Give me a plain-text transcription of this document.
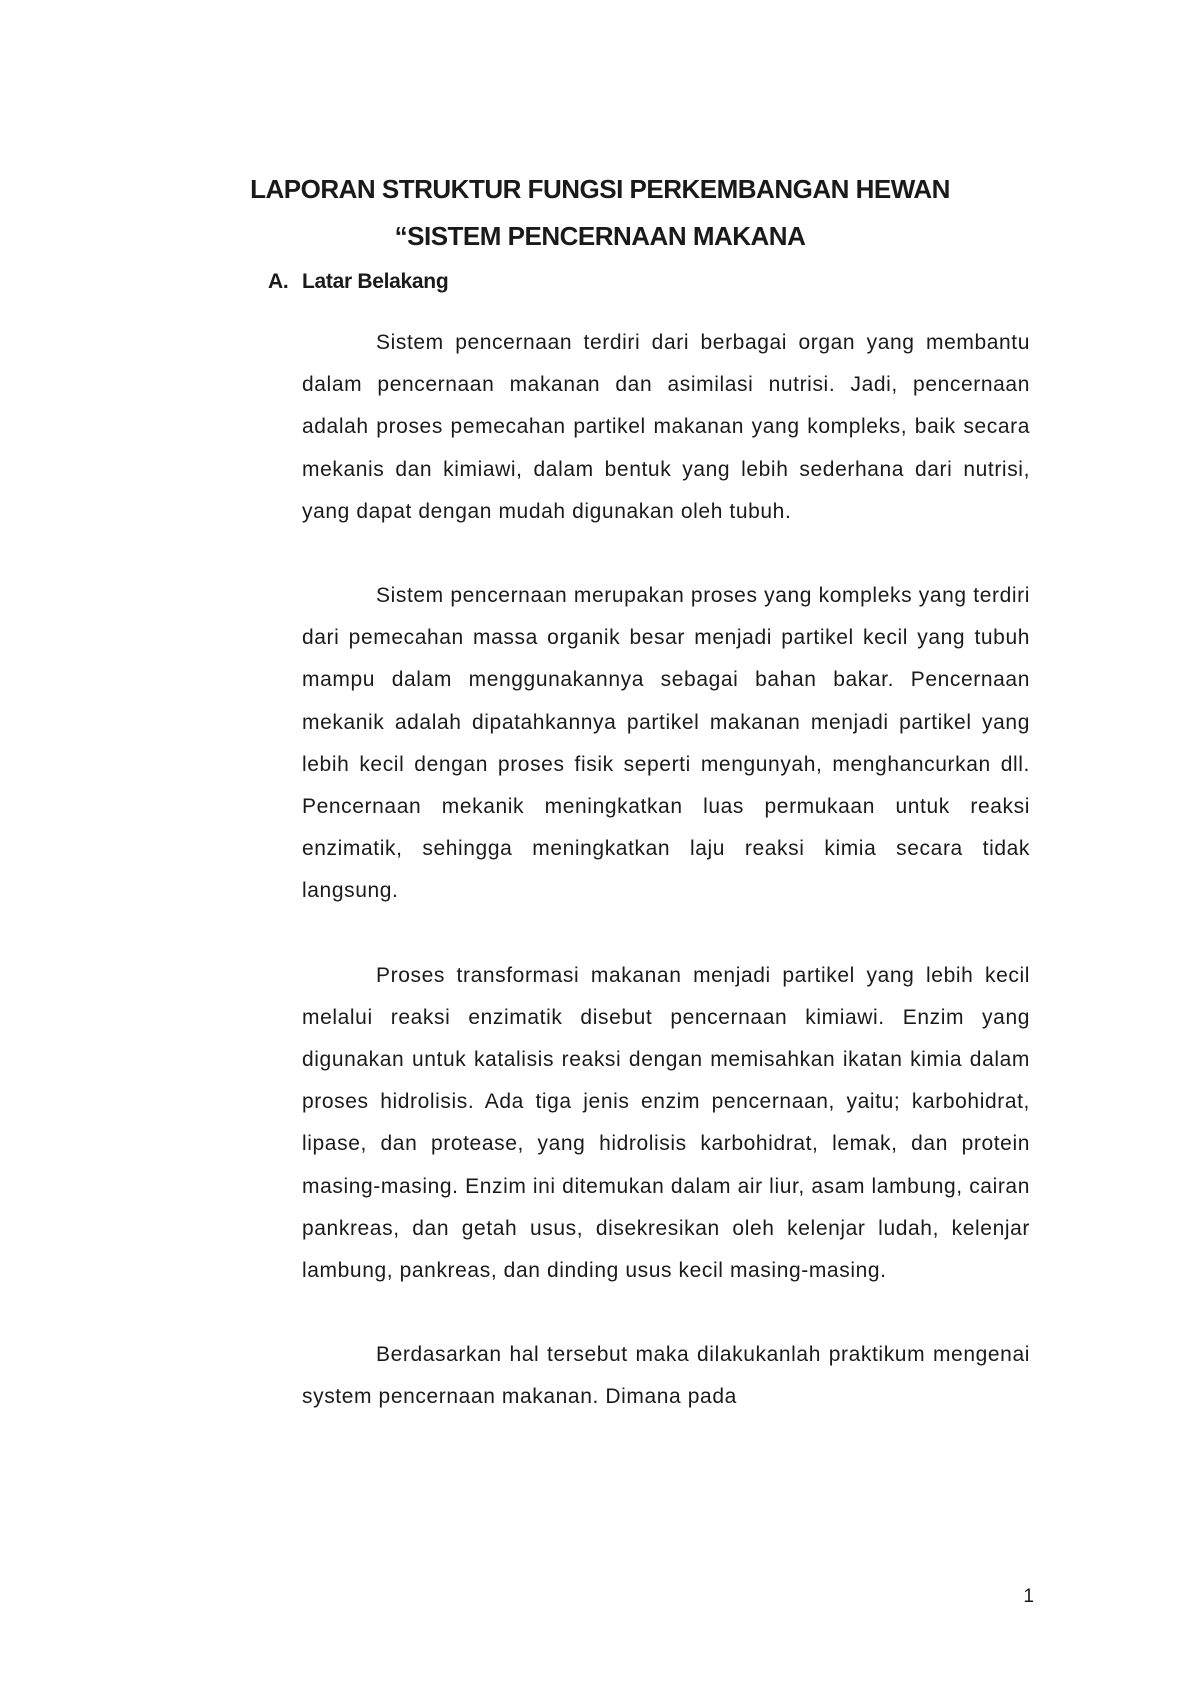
LAPORAN STRUKTUR FUNGSI PERKEMBANGAN HEWAN
“SISTEM PENCERNAAN MAKANA
A. Latar Belakang

Sistem pencernaan terdiri dari berbagai organ yang membantu dalam pencernaan makanan dan asimilasi nutrisi. Jadi, pencernaan adalah proses pemecahan partikel makanan yang kompleks, baik secara mekanis dan kimiawi, dalam bentuk yang lebih sederhana dari nutrisi, yang dapat dengan mudah digunakan oleh tubuh.

Sistem pencernaan merupakan proses yang kompleks yang terdiri dari pemecahan massa organik besar menjadi partikel kecil yang tubuh mampu dalam menggunakannya sebagai bahan bakar. Pencernaan mekanik adalah dipatahkannya partikel makanan menjadi partikel yang lebih kecil dengan proses fisik seperti mengunyah, menghancurkan dll. Pencernaan mekanik meningkatkan luas permukaan untuk reaksi enzimatik, sehingga meningkatkan laju reaksi kimia secara tidak langsung.

Proses transformasi makanan menjadi partikel yang lebih kecil melalui reaksi enzimatik disebut pencernaan kimiawi. Enzim yang digunakan untuk katalisis reaksi dengan memisahkan ikatan kimia dalam proses hidrolisis. Ada tiga jenis enzim pencernaan, yaitu; karbohidrat, lipase, dan protease, yang hidrolisis karbohidrat, lemak, dan protein masing-masing. Enzim ini ditemukan dalam air liur, asam lambung, cairan pankreas, dan getah usus, disekresikan oleh kelenjar ludah, kelenjar lambung, pankreas, dan dinding usus kecil masing-masing.

Berdasarkan hal tersebut maka dilakukanlah praktikum mengenai system pencernaan makanan. Dimana pada

1
